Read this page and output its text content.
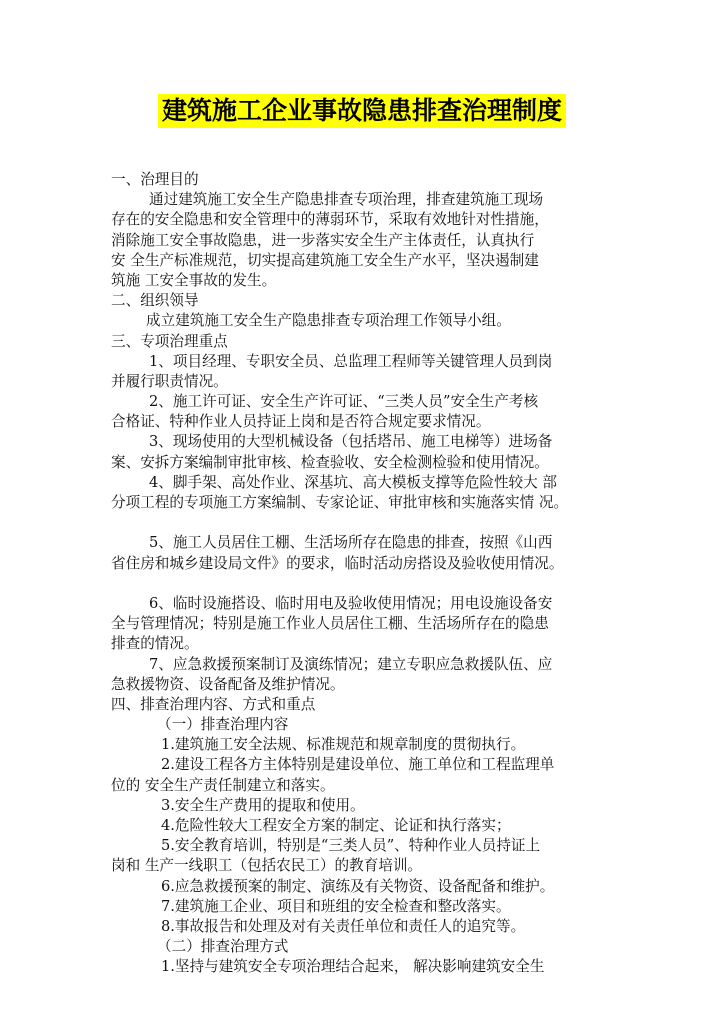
建筑施工企业事故隐患排查治理制度
一、治理目的
通过建筑施工安全生产隐患排查专项治理，排查建筑施工现场
存在的安全隐患和安全管理中的薄弱环节，采取有效地针对性措施，
消除施工安全事故隐患，进一步落实安全生产主体责任，认真执行
安 全生产标准规范，切实提高建筑施工安全生产水平，坚决遏制建
筑施 工安全事故的发生。
二、组织领导
成立建筑施工安全生产隐患排查专项治理工作领导小组。
三、专项治理重点
1、项目经理、专职安全员、总监理工程师等关键管理人员到岗
并履行职责情况。
2、施工许可证、安全生产许可证、“三类人员”安全生产考核
合格证、特种作业人员持证上岗和是否符合规定要求情况。
3、现场使用的大型机械设备（包括塔吊、施工电梯等）进场备
案、安拆方案编制审批审核、检查验收、安全检测检验和使用情况。
4、脚手架、高处作业、深基坑、高大模板支撑等危险性较大 部
分项工程的专项施工方案编制、专家论证、审批审核和实施落实情 况。
5、施工人员居住工棚、生活场所存在隐患的排查，按照《山西
省住房和城乡建设局文件》的要求，临时活动房搭设及验收使用情况。
6、临时设施搭设、临时用电及验收使用情况；用电设施设备安
全与管理情况；特别是施工作业人员居住工棚、生活场所存在的隐患
排查的情况。
7、应急救援预案制订及演练情况；建立专职应急救援队伍、应
急救援物资、设备配备及维护情况。
四、排查治理内容、方式和重点
（一）排查治理内容
1.建筑施工安全法规、标准规范和规章制度的贯彻执行。
2.建设工程各方主体特别是建设单位、施工单位和工程监理单
位的 安全生产责任制建立和落实。
3.安全生产费用的提取和使用。
4.危险性较大工程安全方案的制定、论证和执行落实；
5.安全教育培训，特别是“三类人员”、特种作业人员持证上
岗和 生产一线职工（包括农民工）的教育培训。
6.应急救援预案的制定、演练及有关物资、设备配备和维护。
7.建筑施工企业、项目和班组的安全检查和整改落实。
8.事故报告和处理及对有关责任单位和责任人的追究等。
（二）排查治理方式
1.坚持与建筑安全专项治理结合起来， 解决影响建筑安全生
